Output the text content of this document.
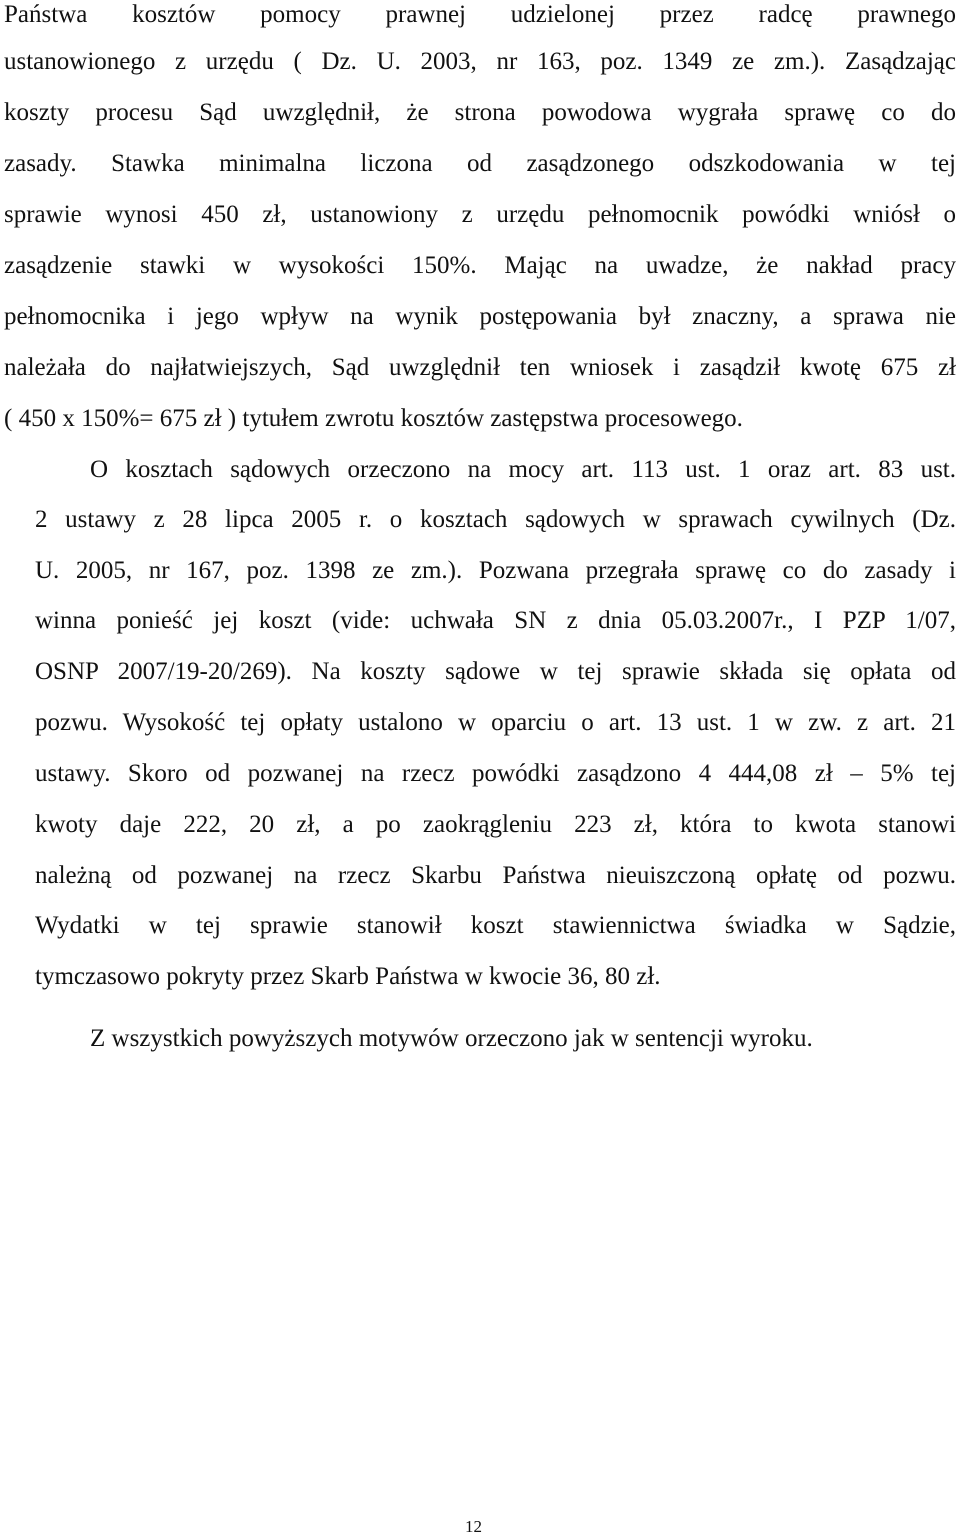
Państwa kosztów pomocy prawnej udzielonej przez radcę prawnego
ustanowionego z urzędu ( Dz. U. 2003, nr 163, poz. 1349 ze zm.). Zasądzając
koszty procesu Sąd uwzględnił, że strona powodowa wygrała sprawę co do
zasady. Stawka minimalna liczona od zasądzonego odszkodowania w tej
sprawie wynosi 450 zł, ustanowiony z urzędu pełnomocnik powódki wniósł o
zasądzenie stawki w wysokości 150%. Mając na uwadze, że nakład pracy
pełnomocnika i jego wpływ na wynik postępowania był znaczny, a sprawa nie
należała do najłatwiejszych, Sąd uwzględnił ten wniosek i zasądził kwotę 675 zł
( 450 x 150%= 675 zł ) tytułem zwrotu kosztów zastępstwa procesowego.
O kosztach sądowych orzeczono na mocy art. 113 ust. 1 oraz art. 83 ust.
2 ustawy z 28 lipca 2005 r. o kosztach sądowych w sprawach cywilnych (Dz.
U. 2005, nr 167, poz. 1398 ze zm.). Pozwana przegrała sprawę co do zasady i
winna ponieść jej koszt (vide: uchwała SN z dnia 05.03.2007r., I PZP 1/07,
OSNP 2007/19-20/269). Na koszty sądowe w tej sprawie składa się opłata od
pozwu. Wysokość tej opłaty ustalono w oparciu o art. 13 ust. 1 w zw. z art. 21
ustawy. Skoro od pozwanej na rzecz powódki zasądzono 4 444,08 zł – 5% tej
kwoty daje 222, 20 zł, a po zaokrągleniu 223 zł, która to kwota stanowi
należną od pozwanej na rzecz Skarbu Państwa nieuiszczoną opłatę od pozwu.
Wydatki w tej sprawie stanowił koszt stawiennictwa świadka w Sądzie,
tymczasowo pokryty przez Skarb Państwa w kwocie 36, 80 zł.
Z wszystkich powyższych motywów orzeczono jak w sentencji wyroku.
12
